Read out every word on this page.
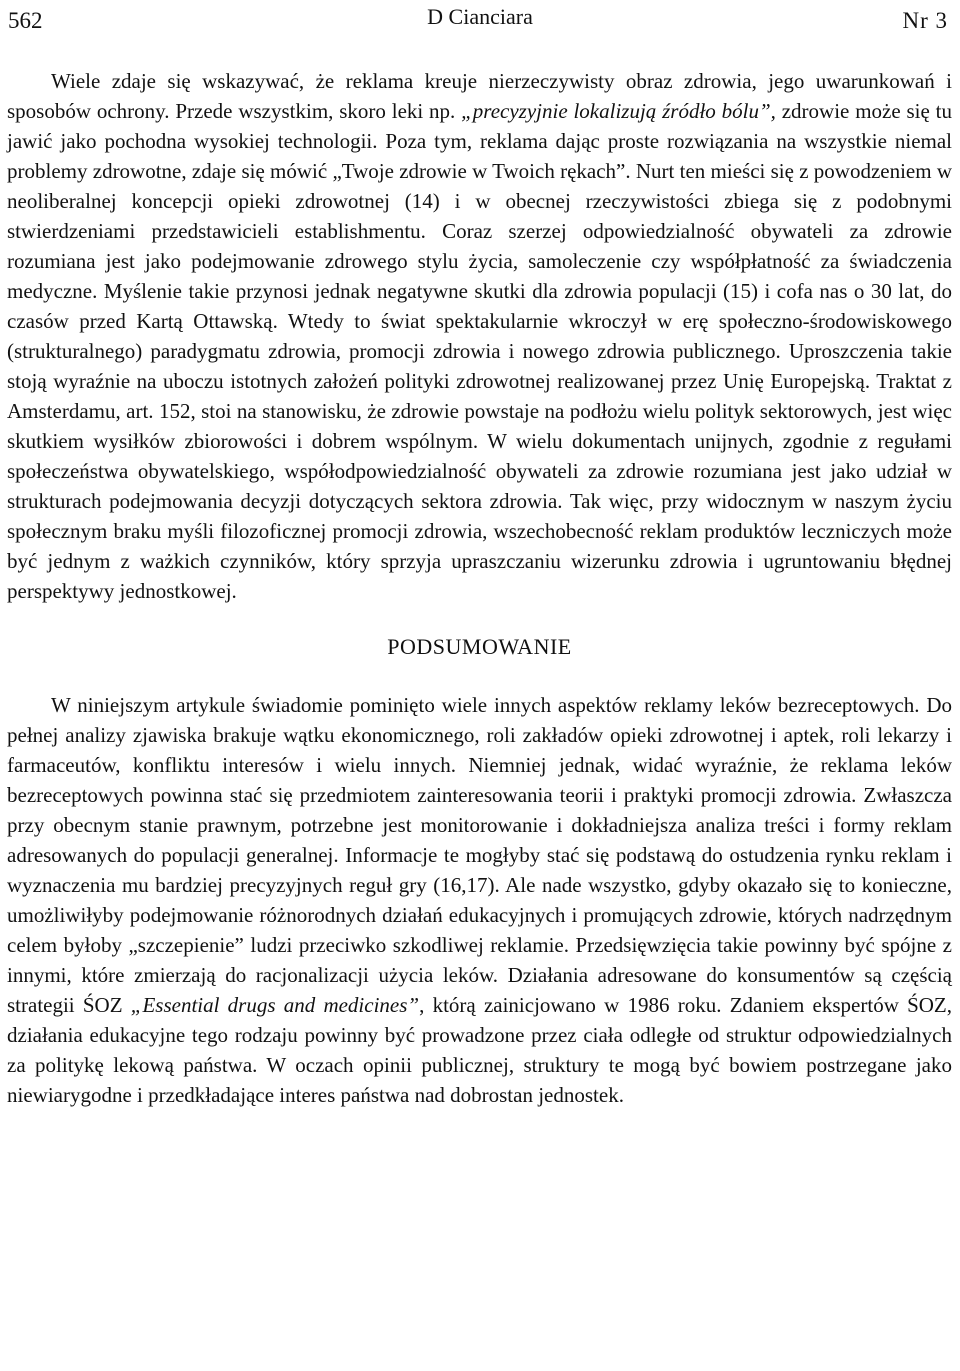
562	D Cianciara	Nr 3

Wiele zdaje się wskazywać, że reklama kreuje nierzeczywisty obraz zdrowia, jego uwarunkowań i sposobów ochrony. Przede wszystkim, skoro leki np. „precyzyjnie lokalizują źródło bólu”, zdrowie może się tu jawić jako pochodna wysokiej technologii. Poza tym, reklama dając proste rozwiązania na wszystkie niemal problemy zdrowotne, zdaje się mówić „Twoje zdrowie w Twoich rękach”. Nurt ten mieści się z powodzeniem w neoliberalnej koncepcji opieki zdrowotnej (14) i w obecnej rzeczywistości zbiega się z podobnymi stwierdzeniami przedstawicieli establishmentu. Coraz szerzej odpowiedzialność obywateli za zdrowie rozumiana jest jako podejmowanie zdrowego stylu życia, samoleczenie czy współpłatność za świadczenia medyczne. Myślenie takie przynosi jednak negatywne skutki dla zdrowia populacji (15) i cofa nas o 30 lat, do czasów przed Kartą Ottawską. Wtedy to świat spektakularnie wkroczył w erę społeczno-środowiskowego (strukturalnego) paradygmatu zdrowia, promocji zdrowia i nowego zdrowia publicznego. Uproszczenia takie stoją wyraźnie na uboczu istotnych założeń polityki zdrowotnej realizowanej przez Unię Europejską. Traktat z Amsterdamu, art. 152, stoi na stanowisku, że zdrowie powstaje na podłożu wielu polityk sektorowych, jest więc skutkiem wysiłków zbiorowości i dobrem wspólnym. W wielu dokumentach unijnych, zgodnie z regułami społeczeństwa obywatelskiego, współodpowiedzialność obywateli za zdrowie rozumiana jest jako udział w strukturach podejmowania decyzji dotyczących sektora zdrowia. Tak więc, przy widocznym w naszym życiu społecznym braku myśli filozoficznej promocji zdrowia, wszechobecność reklam produktów leczniczych może być jednym z ważkich czynników, który sprzyja upraszczaniu wizerunku zdrowia i ugruntowaniu błędnej perspektywy jednostkowej.

PODSUMOWANIE

W niniejszym artykule świadomie pominięto wiele innych aspektów reklamy leków bezreceptowych. Do pełnej analizy zjawiska brakuje wątku ekonomicznego, roli zakładów opieki zdrowotnej i aptek, roli lekarzy i farmaceutów, konfliktu interesów i wielu innych. Niemniej jednak, widać wyraźnie, że reklama leków bezreceptowych powinna stać się przedmiotem zainteresowania teorii i praktyki promocji zdrowia. Zwłaszcza przy obecnym stanie prawnym, potrzebne jest monitorowanie i dokładniejsza analiza treści i formy reklam adresowanych do populacji generalnej. Informacje te mogłyby stać się podstawą do ostudzenia rynku reklam i wyznaczenia mu bardziej precyzyjnych reguł gry (16,17). Ale nade wszystko, gdyby okazało się to konieczne, umożliwiłyby podejmowanie różnorodnych działań edukacyjnych i promujących zdrowie, których nadrzędnym celem byłoby „szczepienie” ludzi przeciwko szkodliwej reklamie. Przedsięwzięcia takie powinny być spójne z innymi, które zmierzają do racjonalizacji użycia leków. Działania adresowane do konsumentów są częścią strategii ŚOZ „Essential drugs and medicines”, którą zainicjowano w 1986 roku. Zdaniem ekspertów ŚOZ, działania edukacyjne tego rodzaju powinny być prowadzone przez ciała odległe od struktur odpowiedzialnych za politykę lekową państwa. W oczach opinii publicznej, struktury te mogą być bowiem postrzegane jako niewiarygodne i przedkładające interes państwa nad dobrostan jednostek.
